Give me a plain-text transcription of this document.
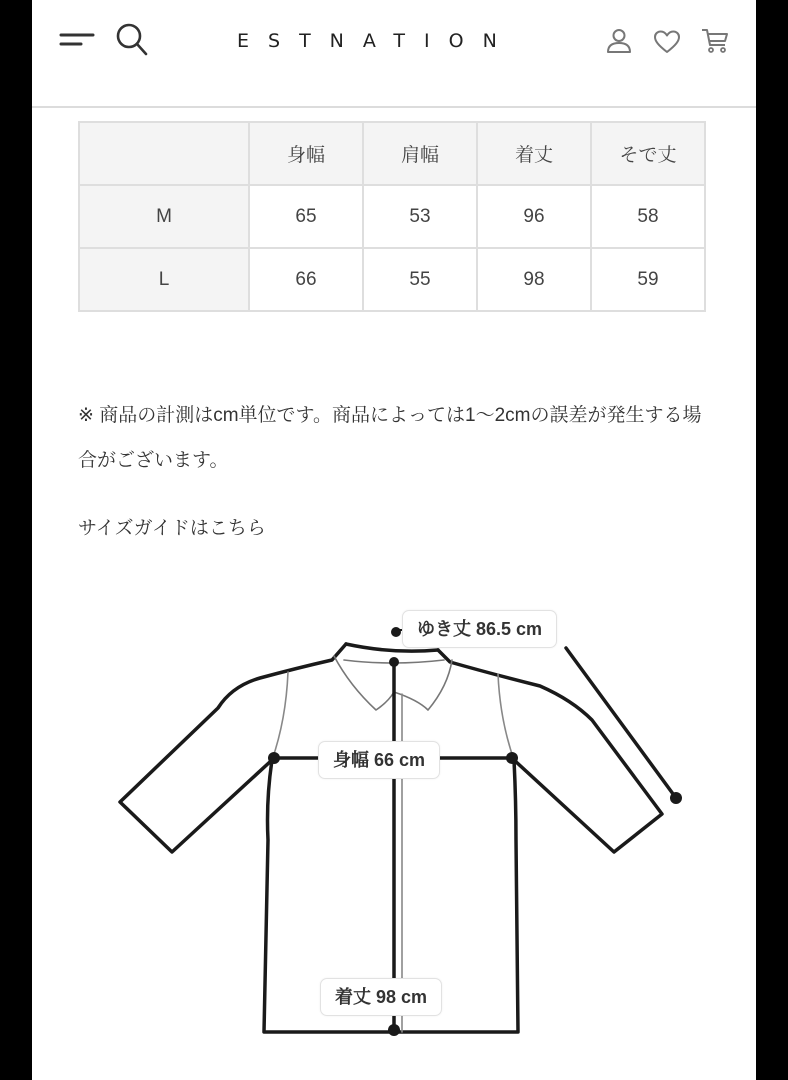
ESTNATION
	身幅	肩幅	着丈	そで丈
M	65	53	96	58
L	66	55	98	59
※ 商品の計測はcm単位です。商品によっては1〜2cmの誤差が発生する場合がございます。
サイズガイドはこちら
ゆき丈 86.5 cm
身幅 66 cm
着丈 98 cm
